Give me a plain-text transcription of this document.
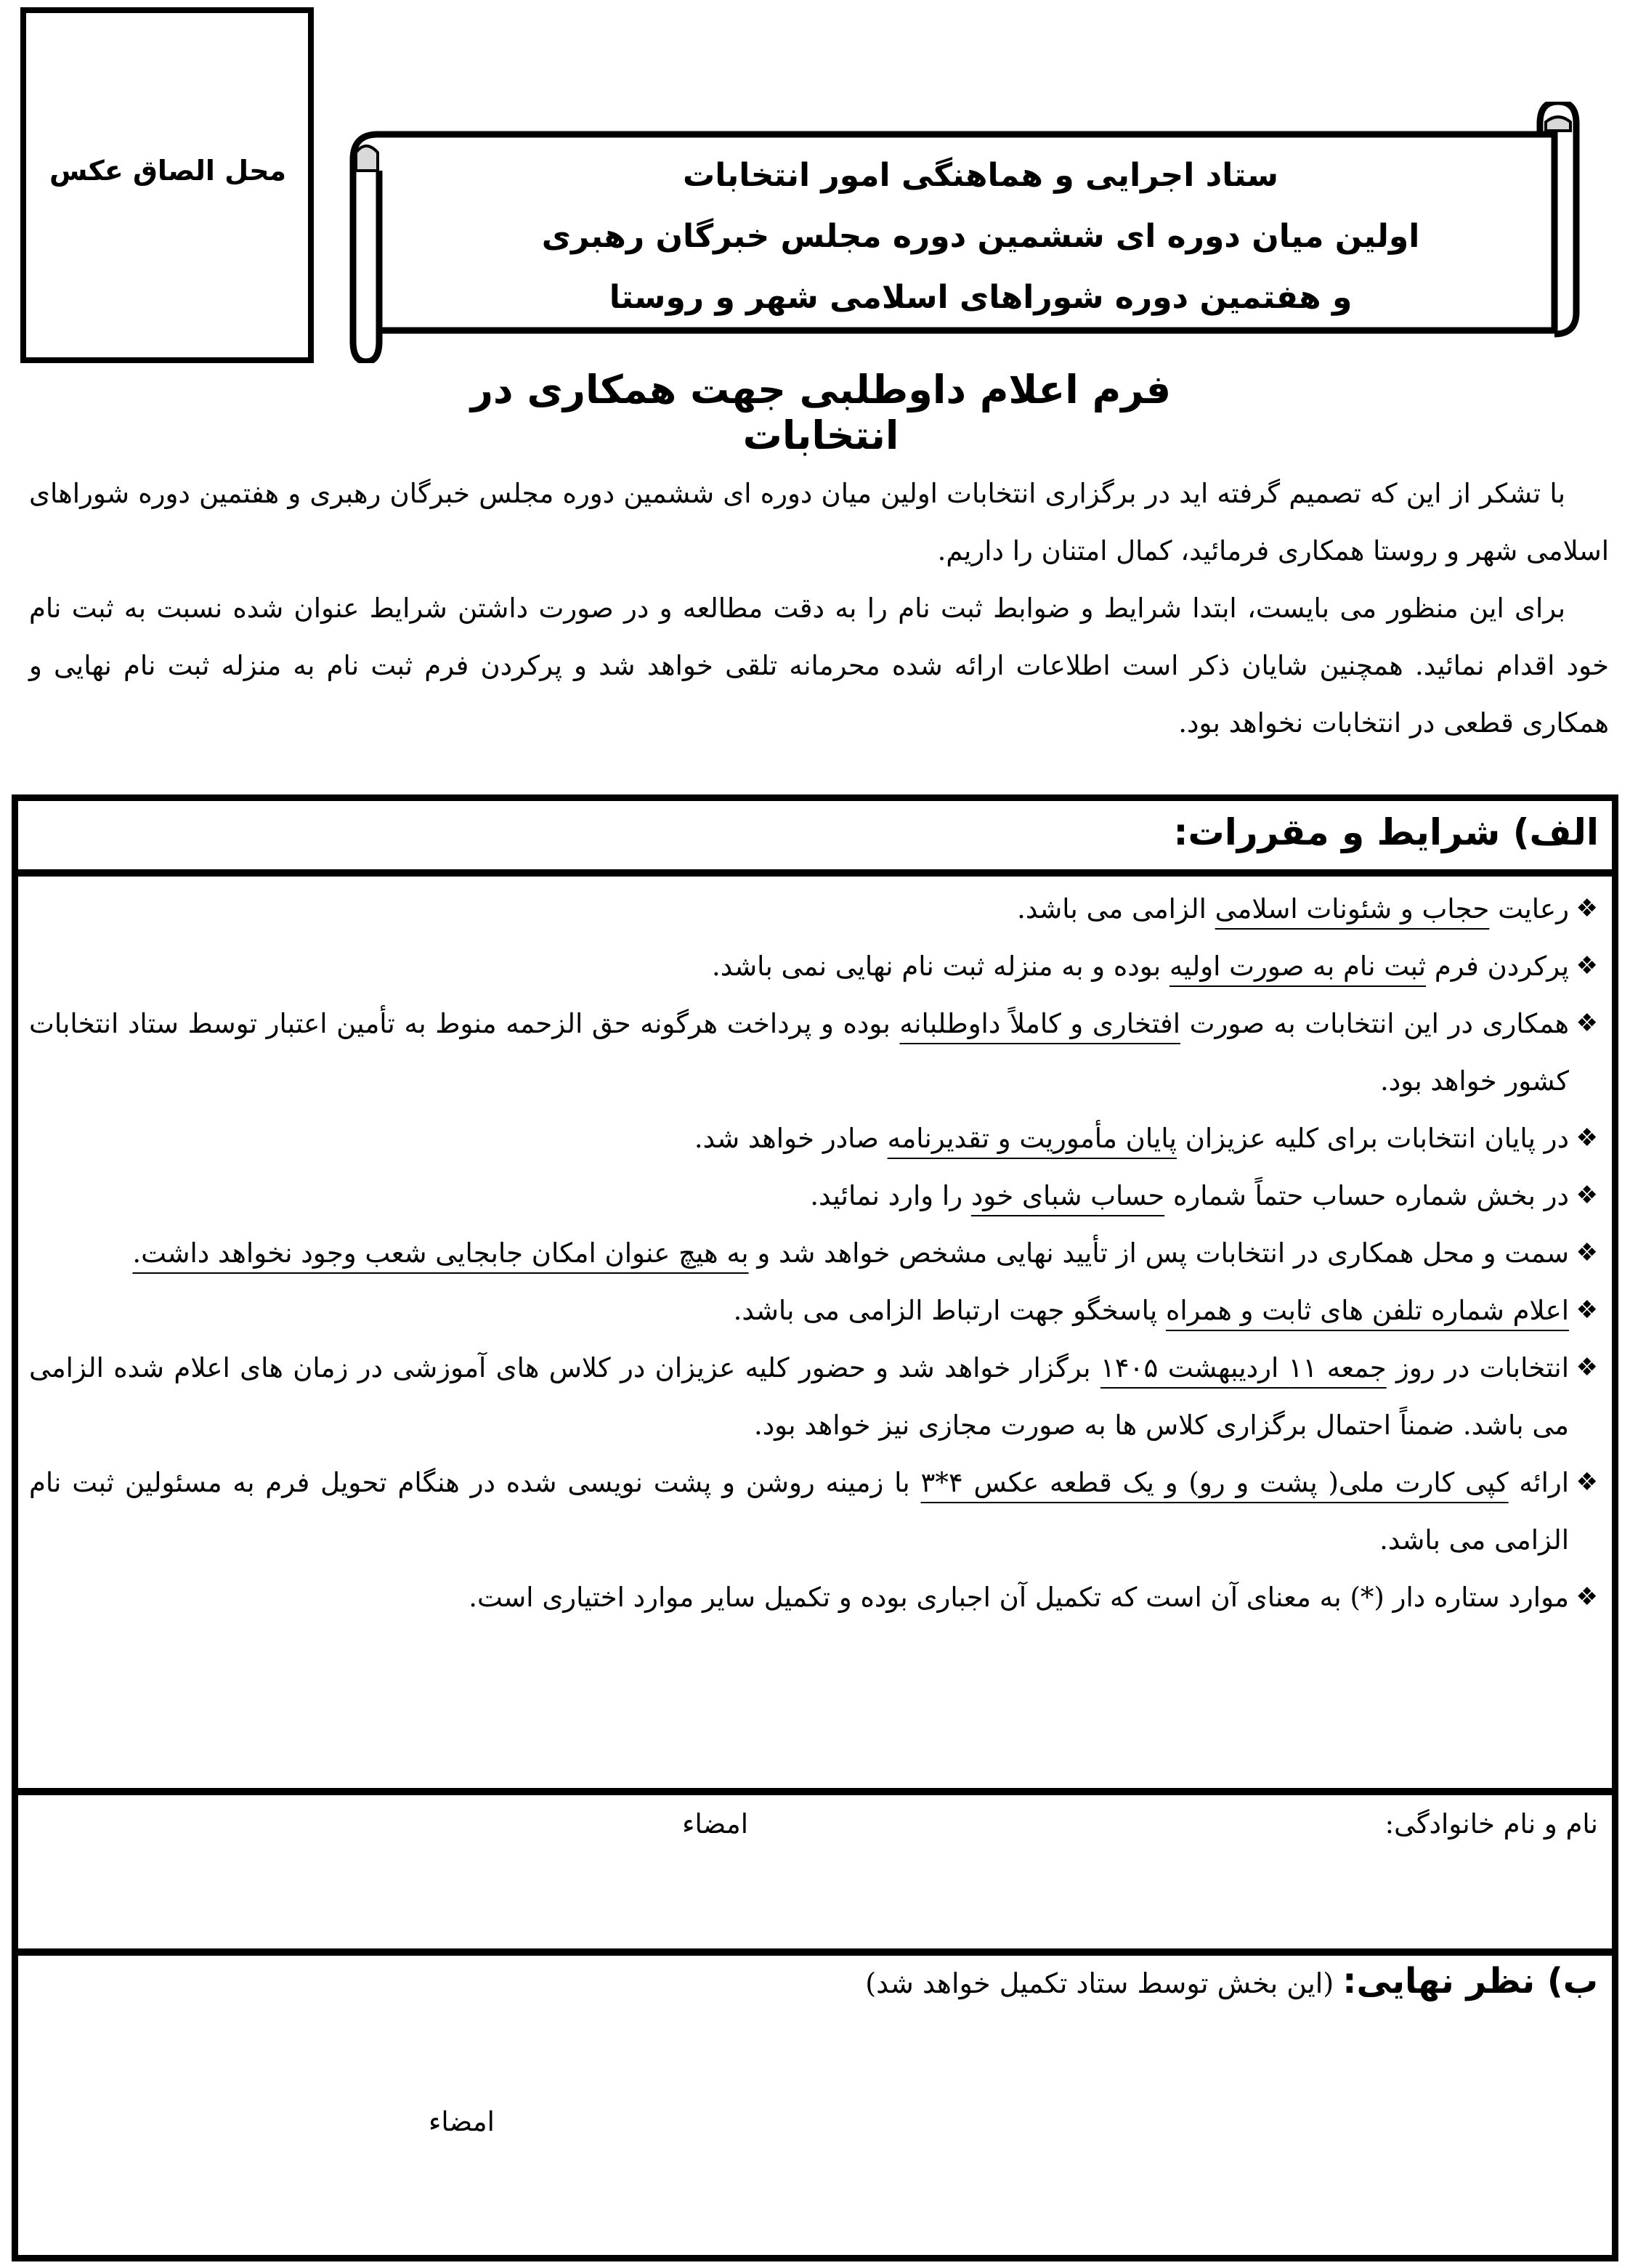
محل الصاق عکس	ستاد اجرایی و هماهنگی امور انتخابات
اولین میان دوره ای ششمین دوره مجلس خبرگان رهبری
و هفتمین دوره شوراهای اسلامی شهر و روستا
فرم اعلام داوطلبی جهت همکاری در انتخابات

با تشکر از این که تصمیم گرفته اید در برگزاری انتخابات اولین میان دوره ای ششمین دوره مجلس خبرگان رهبری و هفتمین دوره شوراهای اسلامی شهر و روستا همکاری فرمائید، کمال امتنان را داریم.

برای این منظور می بایست، ابتدا شرایط و ضوابط ثبت نام را به دقت مطالعه و در صورت داشتن شرایط عنوان شده نسبت به ثبت نام خود اقدام نمائید. همچنین شایان ذکر است اطلاعات ارائه شده محرمانه تلقی خواهد شد و پرکردن فرم ثبت نام به منزله ثبت نام نهایی و همکاری قطعی در انتخابات نخواهد بود.

الف) شرایط و مقررات:
❖
رعایت حجاب و شئونات اسلامی الزامی می باشد.
❖
پرکردن فرم ثبت نام به صورت اولیه بوده و به منزله ثبت نام نهایی نمی باشد.
❖
همکاری در این انتخابات به صورت افتخاری و کاملاً داوطلبانه بوده و پرداخت هرگونه حق الزحمه منوط به تأمین اعتبار توسط ستاد انتخابات کشور خواهد بود.
❖
در پایان انتخابات برای کلیه عزیزان پایان مأموریت و تقدیرنامه صادر خواهد شد.
❖
در بخش شماره حساب حتماً شماره حساب شبای خود را وارد نمائید.
❖
سمت و محل همکاری در انتخابات پس از تأیید نهایی مشخص خواهد شد و به هیچ عنوان امکان جابجایی شعب وجود نخواهد داشت.
❖
اعلام شماره تلفن های ثابت و همراه پاسخگو جهت ارتباط الزامی می باشد.
❖
انتخابات در روز جمعه ۱۱ اردیبهشت ۱۴۰۵ برگزار خواهد شد و حضور کلیه عزیزان در کلاس های آموزشی در زمان های اعلام شده الزامی می باشد. ضمناً احتمال برگزاری کلاس ها به صورت مجازی نیز خواهد بود.
❖
ارائه کپی کارت ملی( پشت و رو) و یک قطعه عکس ۴*۳ با زمینه روشن و پشت نویسی شده در هنگام تحویل فرم به مسئولین ثبت نام الزامی می باشد.
❖
موارد ستاره دار (*) به معنای آن است که تکمیل آن اجباری بوده و تکمیل سایر موارد اختیاری است.
نام و نام خانوادگی:
امضاء
ب) نظر نهایی: (این بخش توسط ستاد تکمیل خواهد شد)
امضاء
